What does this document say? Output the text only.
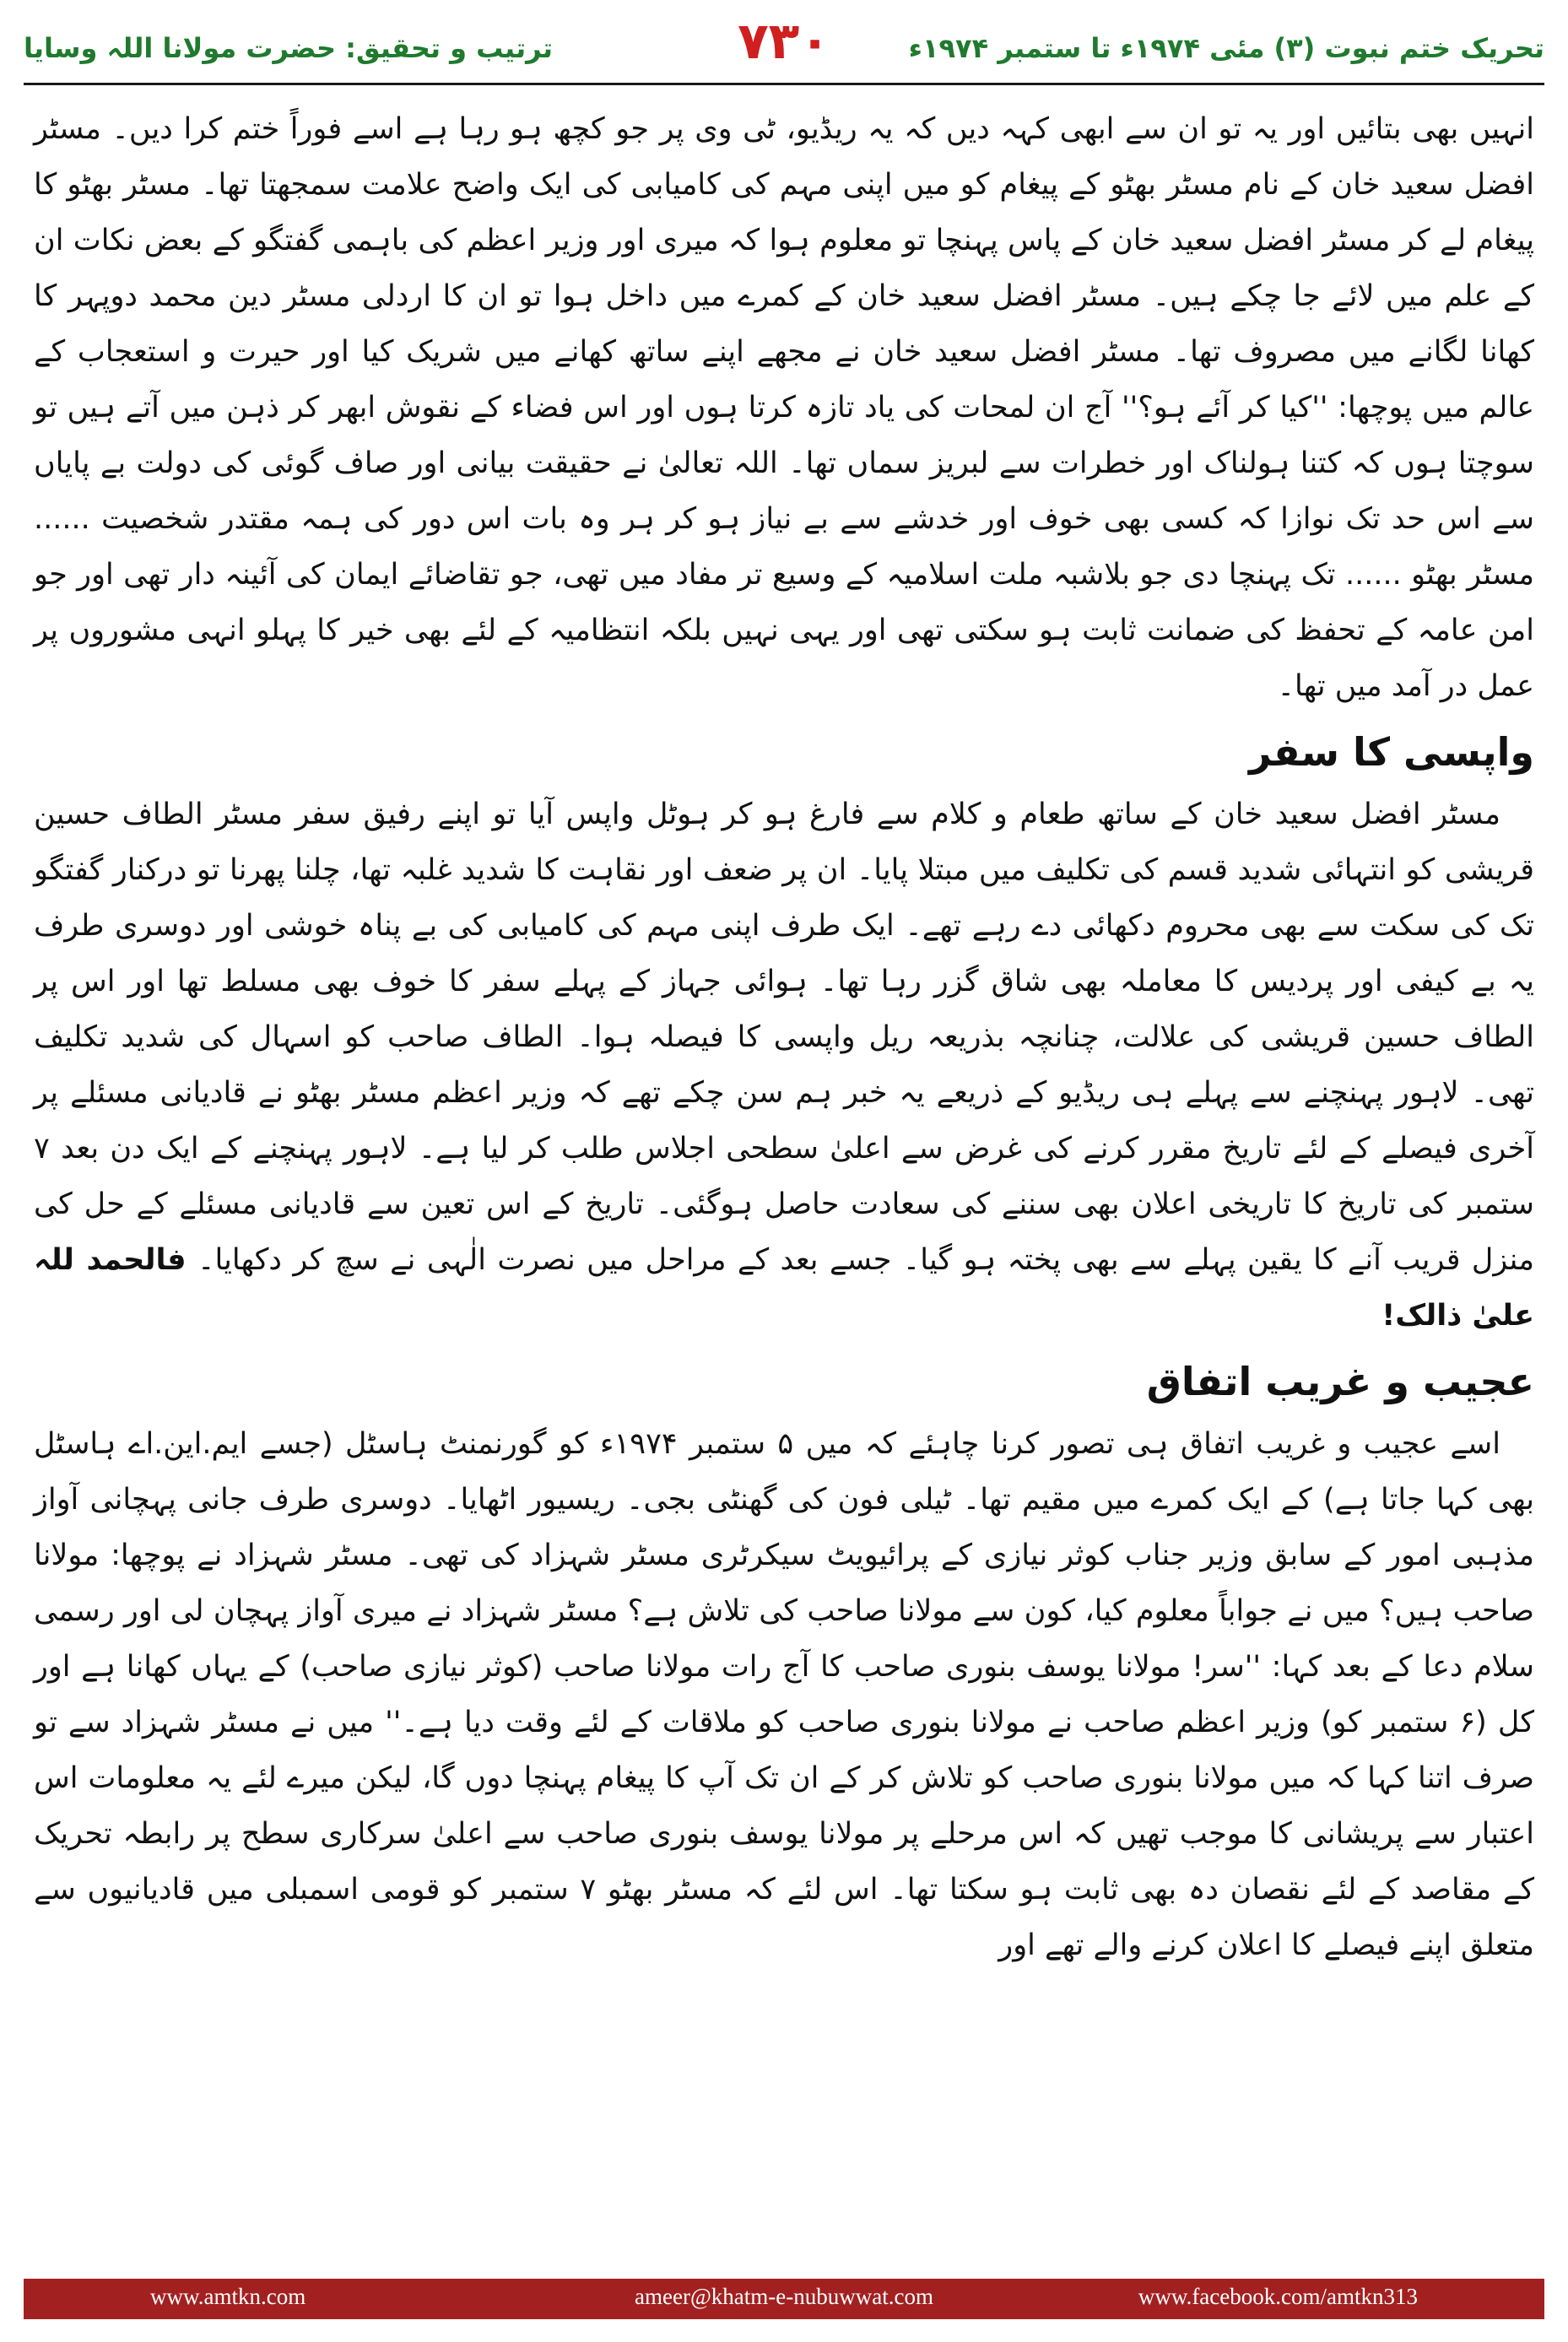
ترتیب و تحقیق: حضرت مولانا اللہ وسایا	۷۳۰	تحریک ختم نبوت (۳) مئی ۱۹۷۴ء تا ستمبر ۱۹۷۴ء

انہیں بھی بتائیں اور یہ تو ان سے ابھی کہہ دیں کہ یہ ریڈیو، ٹی وی پر جو کچھ ہو رہا ہے اسے فوراً ختم کرا دیں۔ مسٹر افضل سعید خان کے نام مسٹر بھٹو کے پیغام کو میں اپنی مہم کی کامیابی کی ایک واضح علامت سمجھتا تھا۔ مسٹر بھٹو کا پیغام لے کر مسٹر افضل سعید خان کے پاس پہنچا تو معلوم ہوا کہ میری اور وزیر اعظم کی باہمی گفتگو کے بعض نکات ان کے علم میں لائے جا چکے ہیں۔ مسٹر افضل سعید خان کے کمرے میں داخل ہوا تو ان کا اردلی مسٹر دین محمد دوپہر کا کھانا لگانے میں مصروف تھا۔ مسٹر افضل سعید خان نے مجھے اپنے ساتھ کھانے میں شریک کیا اور حیرت و استعجاب کے عالم میں پوچھا: ''کیا کر آئے ہو؟'' آج ان لمحات کی یاد تازہ کرتا ہوں اور اس فضاء کے نقوش ابھر کر ذہن میں آتے ہیں تو سوچتا ہوں کہ کتنا ہولناک اور خطرات سے لبریز سماں تھا۔ اللہ تعالیٰ نے حقیقت بیانی اور صاف گوئی کی دولت بے پایاں سے اس حد تک نوازا کہ کسی بھی خوف اور خدشے سے بے نیاز ہو کر ہر وہ بات اس دور کی ہمہ مقتدر شخصیت ...... مسٹر بھٹو ...... تک پہنچا دی جو بلاشبہ ملت اسلامیہ کے وسیع تر مفاد میں تھی، جو تقاضائے ایمان کی آئینہ دار تھی اور جو امن عامہ کے تحفظ کی ضمانت ثابت ہو سکتی تھی اور یہی نہیں بلکہ انتظامیہ کے لئے بھی خیر کا پہلو انہی مشوروں پر عمل در آمد میں تھا۔

واپسی کا سفر

مسٹر افضل سعید خان کے ساتھ طعام و کلام سے فارغ ہو کر ہوٹل واپس آیا تو اپنے رفیق سفر مسٹر الطاف حسین قریشی کو انتہائی شدید قسم کی تکلیف میں مبتلا پایا۔ ان پر ضعف اور نقاہت کا شدید غلبہ تھا، چلنا پھرنا تو درکنار گفتگو تک کی سکت سے بھی محروم دکھائی دے رہے تھے۔ ایک طرف اپنی مہم کی کامیابی کی بے پناہ خوشی اور دوسری طرف یہ بے کیفی اور پردیس کا معاملہ بھی شاق گزر رہا تھا۔ ہوائی جہاز کے پہلے سفر کا خوف بھی مسلط تھا اور اس پر الطاف حسین قریشی کی علالت، چنانچہ بذریعہ ریل واپسی کا فیصلہ ہوا۔ الطاف صاحب کو اسہال کی شدید تکلیف تھی۔ لاہور پہنچنے سے پہلے ہی ریڈیو کے ذریعے یہ خبر ہم سن چکے تھے کہ وزیر اعظم مسٹر بھٹو نے قادیانی مسئلے پر آخری فیصلے کے لئے تاریخ مقرر کرنے کی غرض سے اعلیٰ سطحی اجلاس طلب کر لیا ہے۔ لاہور پہنچنے کے ایک دن بعد ۷ ستمبر کی تاریخ کا تاریخی اعلان بھی سننے کی سعادت حاصل ہوگئی۔ تاریخ کے اس تعین سے قادیانی مسئلے کے حل کی منزل قریب آنے کا یقین پہلے سے بھی پختہ ہو گیا۔ جسے بعد کے مراحل میں نصرت الٰہی نے سچ کر دکھایا۔ فالحمد للہ علیٰ ذالک!

عجیب و غریب اتفاق

اسے عجیب و غریب اتفاق ہی تصور کرنا چاہئے کہ میں ۵ ستمبر ۱۹۷۴ء کو گورنمنٹ ہاسٹل (جسے ایم.این.اے ہاسٹل بھی کہا جاتا ہے) کے ایک کمرے میں مقیم تھا۔ ٹیلی فون کی گھنٹی بجی۔ ریسیور اٹھایا۔ دوسری طرف جانی پہچانی آواز مذہبی امور کے سابق وزیر جناب کوثر نیازی کے پرائیویٹ سیکرٹری مسٹر شہزاد کی تھی۔ مسٹر شہزاد نے پوچھا: مولانا صاحب ہیں؟ میں نے جواباً معلوم کیا، کون سے مولانا صاحب کی تلاش ہے؟ مسٹر شہزاد نے میری آواز پہچان لی اور رسمی سلام دعا کے بعد کہا: ''سر! مولانا یوسف بنوری صاحب کا آج رات مولانا صاحب (کوثر نیازی صاحب) کے یہاں کھانا ہے اور کل (۶ ستمبر کو) وزیر اعظم صاحب نے مولانا بنوری صاحب کو ملاقات کے لئے وقت دیا ہے۔'' میں نے مسٹر شہزاد سے تو صرف اتنا کہا کہ میں مولانا بنوری صاحب کو تلاش کر کے ان تک آپ کا پیغام پہنچا دوں گا، لیکن میرے لئے یہ معلومات اس اعتبار سے پریشانی کا موجب تھیں کہ اس مرحلے پر مولانا یوسف بنوری صاحب سے اعلیٰ سرکاری سطح پر رابطہ تحریک کے مقاصد کے لئے نقصان دہ بھی ثابت ہو سکتا تھا۔ اس لئے کہ مسٹر بھٹو ۷ ستمبر کو قومی اسمبلی میں قادیانیوں سے متعلق اپنے فیصلے کا اعلان کرنے والے تھے اور

www.amtkn.com	ameer@khatm-e-nubuwwat.com	www.facebook.com/amtkn313
